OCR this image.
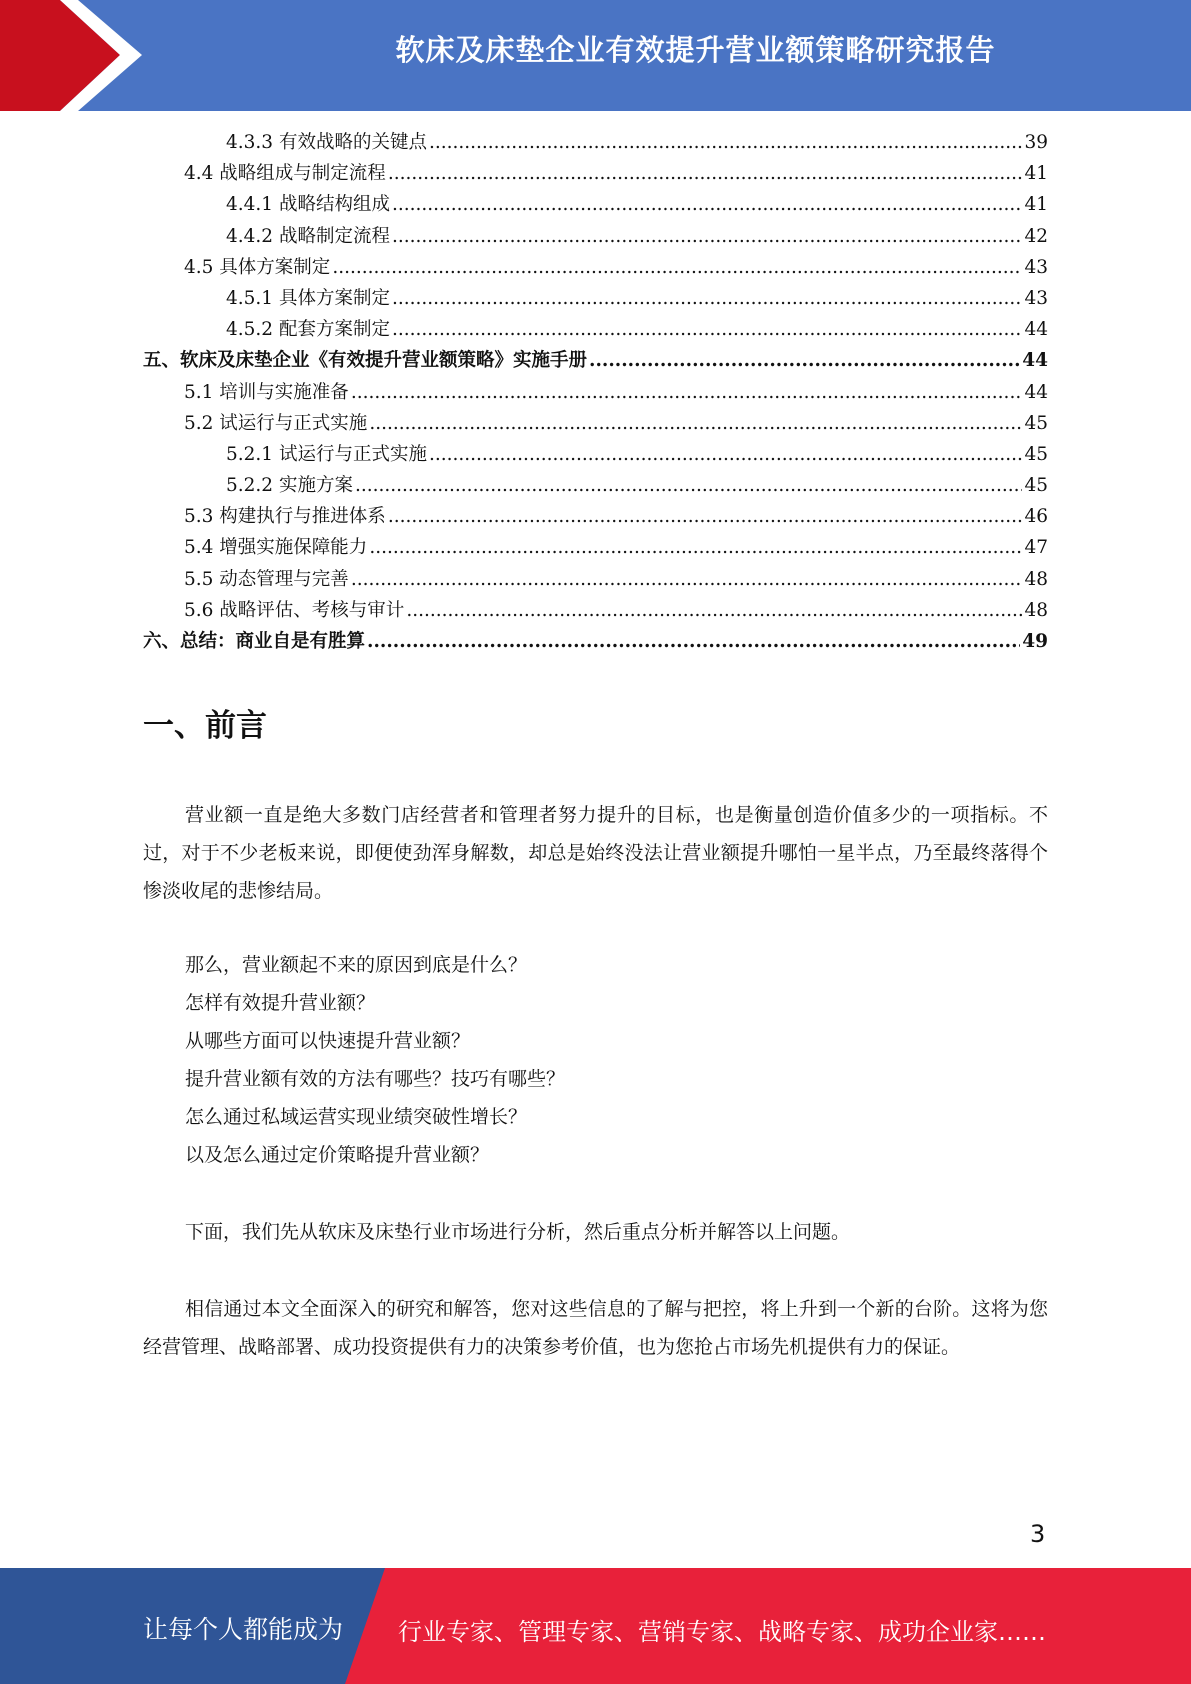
软床及床垫企业有效提升营业额策略研究报告
4.3.3 有效战略的关键点 .....	39
4.4 战略组成与制定流程 .....	41
4.4.1 战略结构组成 .....	41
4.4.2 战略制定流程 .....	42
4.5 具体方案制定 .....	43
4.5.1 具体方案制定 .....	43
4.5.2 配套方案制定 .....	44
五、软床及床垫企业《有效提升营业额策略》实施手册 .....	44
5.1 培训与实施准备 .....	44
5.2 试运行与正式实施 .....	45
5.2.1 试运行与正式实施 .....	45
5.2.2 实施方案 .....	45
5.3 构建执行与推进体系 .....	46
5.4 增强实施保障能力 .....	47
5.5 动态管理与完善 .....	48
5.6 战略评估、考核与审计 .....	48
六、总结：商业自是有胜算 .....	49
一、前言

营业额一直是绝大多数门店经营者和管理者努力提升的目标，也是衡量创造价值多少的一项指标。不过，对于不少老板来说，即便使劲浑身解数，却总是始终没法让营业额提升哪怕一星半点，乃至最终落得个惨淡收尾的悲惨结局。

那么，营业额起不来的原因到底是什么？
怎样有效提升营业额？
从哪些方面可以快速提升营业额？
提升营业额有效的方法有哪些？技巧有哪些？
怎么通过私域运营实现业绩突破性增长？
以及怎么通过定价策略提升营业额？

下面，我们先从软床及床垫行业市场进行分析，然后重点分析并解答以上问题。

相信通过本文全面深入的研究和解答，您对这些信息的了解与把控，将上升到一个新的台阶。这将为您经营管理、战略部署、成功投资提供有力的决策参考价值，也为您抢占市场先机提供有力的保证。

3
让每个人都能成为 行业专家、管理专家、营销专家、战略专家、成功企业家……
